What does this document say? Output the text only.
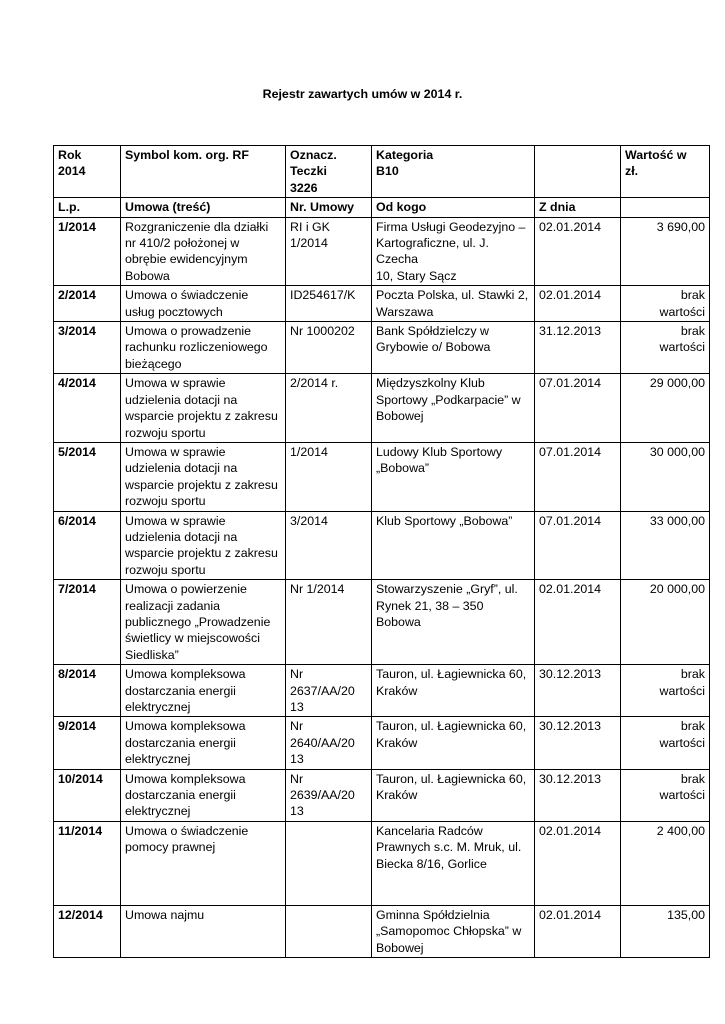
Rejestr zawartych umów w 2014 r.
Rok
2014	Symbol kom. org. RF	Oznacz.
Teczki
3226	Kategoria
B10		Wartość w
zł.
L.p.	Umowa (treść)	Nr. Umowy	Od kogo	Z dnia	
1/2014	Rozgraniczenie dla działki
nr 410/2 położonej w
obrębie ewidencyjnym
Bobowa	RI i GK
1/2014	Firma Usługi Geodezyjno –
Kartograficzne, ul. J. Czecha
10, Stary Sącz	02.01.2014	3 690,00
2/2014	Umowa o świadczenie
usług pocztowych	ID254617/K	Poczta Polska, ul. Stawki 2,
Warszawa	02.01.2014	brak
wartości
3/2014	Umowa o prowadzenie
rachunku rozliczeniowego
bieżącego	Nr 1000202	Bank Spółdzielczy w
Grybowie o/ Bobowa	31.12.2013	brak
wartości
4/2014	Umowa w sprawie
udzielenia dotacji na
wsparcie projektu z zakresu
rozwoju sportu	2/2014 r.	Międzyszkolny Klub
Sportowy „Podkarpacie” w
Bobowej	07.01.2014	29 000,00
5/2014	Umowa w sprawie
udzielenia dotacji na
wsparcie projektu z zakresu
rozwoju sportu	1/2014	Ludowy Klub Sportowy
„Bobowa”	07.01.2014	30 000,00
6/2014	Umowa w sprawie
udzielenia dotacji na
wsparcie projektu z zakresu
rozwoju sportu	3/2014	Klub Sportowy „Bobowa”	07.01.2014	33 000,00
7/2014	Umowa o powierzenie
realizacji zadania
publicznego „Prowadzenie
świetlicy w miejscowości
Siedliska”	Nr 1/2014	Stowarzyszenie „Gryf”, ul.
Rynek 21, 38 – 350 Bobowa	02.01.2014	20 000,00
8/2014	Umowa kompleksowa
dostarczania energii
elektrycznej	Nr
2637/AA/20
13	Tauron, ul. Łagiewnicka 60,
Kraków	30.12.2013	brak
wartości
9/2014	Umowa kompleksowa
dostarczania energii
elektrycznej	Nr
2640/AA/20
13	Tauron, ul. Łagiewnicka 60,
Kraków	30.12.2013	brak
wartości
10/2014	Umowa kompleksowa
dostarczania energii
elektrycznej	Nr
2639/AA/20
13	Tauron, ul. Łagiewnicka 60,
Kraków	30.12.2013	brak
wartości
11/2014	Umowa o świadczenie
pomocy prawnej		Kancelaria Radców
Prawnych s.c. M. Mruk, ul.
Biecka 8/16, Gorlice	02.01.2014	2 400,00
12/2014	Umowa najmu		Gminna Spółdzielnia
„Samopomoc Chłopska” w
Bobowej	02.01.2014	135,00
